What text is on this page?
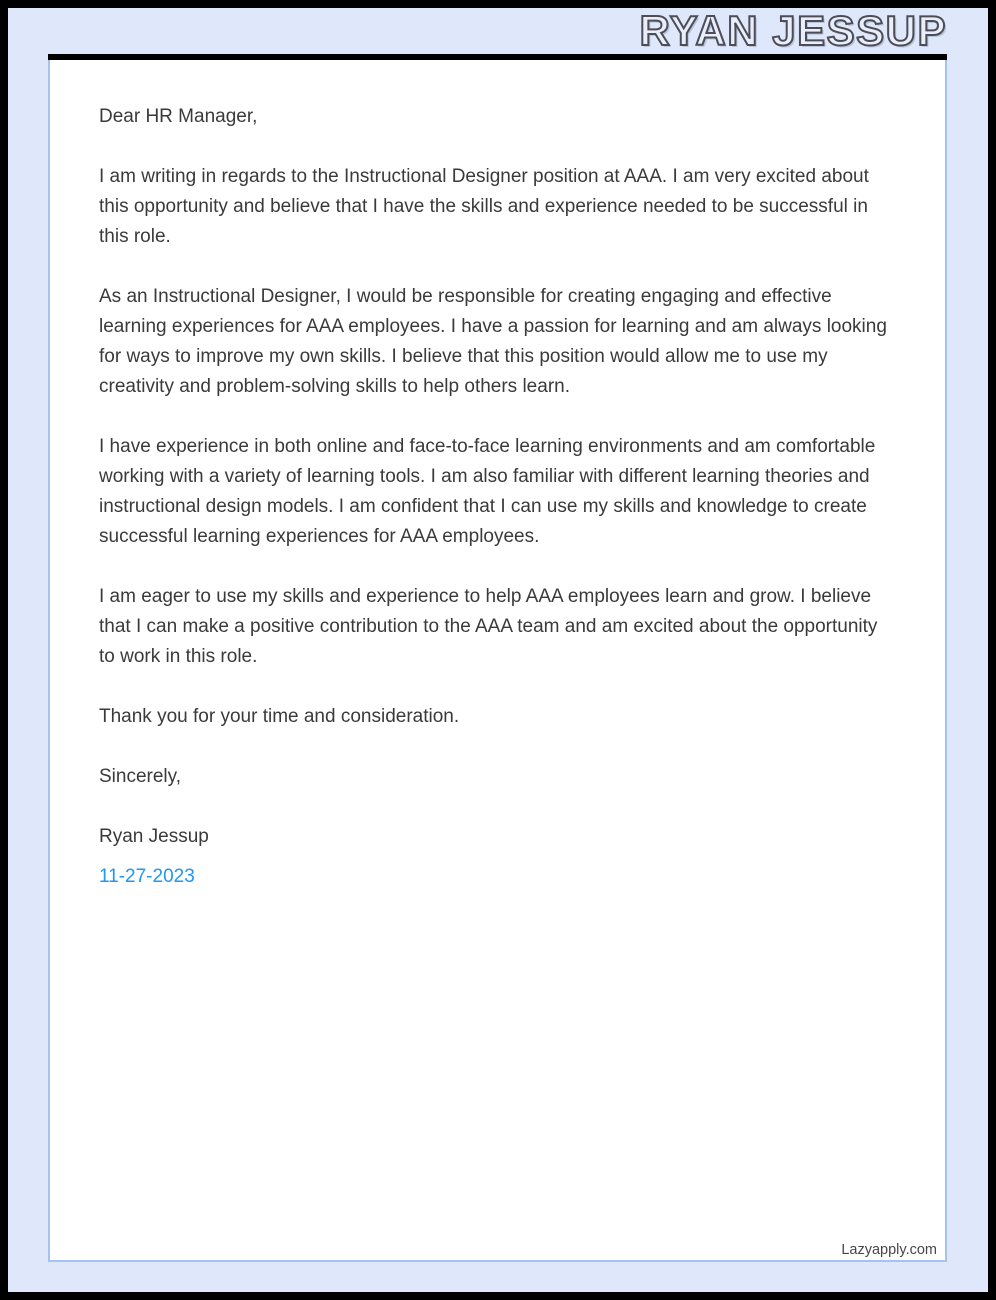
RYAN JESSUP

Dear HR Manager,

I am writing in regards to the Instructional Designer position at AAA. I am very excited about this opportunity and believe that I have the skills and experience needed to be successful in this role.

As an Instructional Designer, I would be responsible for creating engaging and effective learning experiences for AAA employees. I have a passion for learning and am always looking for ways to improve my own skills. I believe that this position would allow me to use my creativity and problem-solving skills to help others learn.

I have experience in both online and face-to-face learning environments and am comfortable working with a variety of learning tools. I am also familiar with different learning theories and instructional design models. I am confident that I can use my skills and knowledge to create successful learning experiences for AAA employees.

I am eager to use my skills and experience to help AAA employees learn and grow. I believe that I can make a positive contribution to the AAA team and am excited about the opportunity to work in this role.

Thank you for your time and consideration.

Sincerely,

Ryan Jessup

11-27-2023

Lazyapply.com
